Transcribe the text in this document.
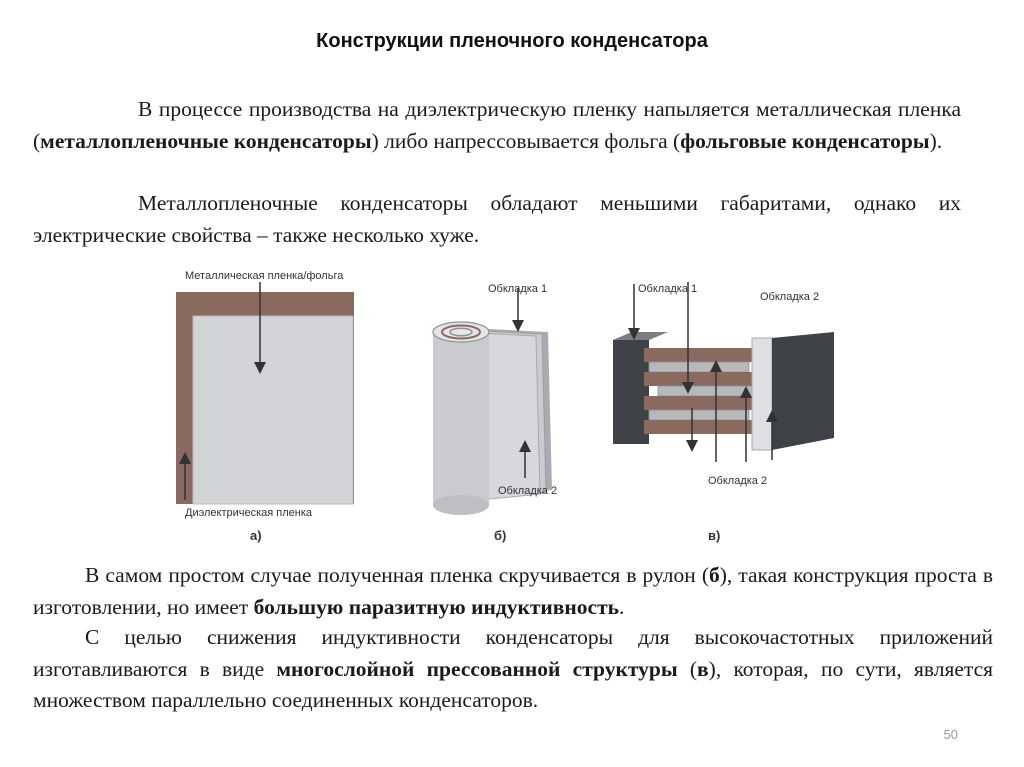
Конструкции пленочного конденсатора

В процессе производства на диэлектрическую пленку напыляется металлическая пленка (металлопленочные конденсаторы) либо напрессовывается фольга (фольговые конденсаторы).

Металлопленочные конденсаторы обладают меньшими габаритами, однако их электрические свойства – также несколько хуже.

Металлическая пленка/фольга
Диэлектрическая пленка
а)
Обкладка 1
Обкладка 2
б)
Обкладка 1
Обкладка 2
Обкладка 2
в)

В самом простом случае полученная пленка скручивается в рулон (б), такая конструкция проста в изготовлении, но имеет большую паразитную индуктивность.

С целью снижения индуктивности конденсаторы для высокочастотных приложений изготавливаются в виде многослойной прессованной структуры (в), которая, по сути, является множеством параллельно соединенных конденсаторов.

50
